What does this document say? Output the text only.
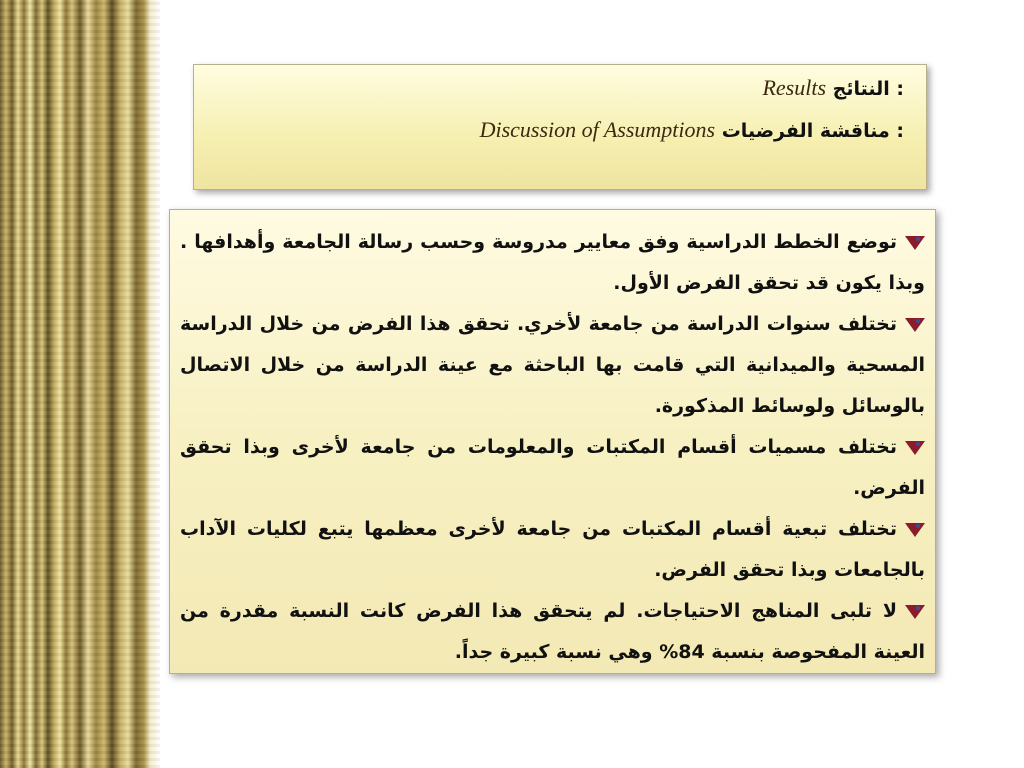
Results النتائج :
Discussion of Assumptions مناقشة الفرضيات :

توضع الخطط الدراسية وفق معايير مدروسة وحسب رسالة الجامعة وأهدافها . وبذا يكون قد تحقق الفرض الأول.

تختلف سنوات الدراسة من جامعة لأخري. تحقق هذا الفرض من خلال الدراسة المسحية والميدانية التي قامت بها الباحثة مع عينة الدراسة من خلال الاتصال بالوسائل ولوسائط المذكورة.

تختلف مسميات أقسام المكتبات والمعلومات من جامعة لأخرى وبذا تحقق الفرض.

تختلف تبعية أقسام المكتبات من جامعة لأخرى معظمها يتبع لكليات الآداب بالجامعات وبذا تحقق الفرض.

لا تلبى المناهج الاحتياجات. لم يتحقق هذا الفرض كانت النسبة مقدرة من العينة المفحوصة بنسبة 84% وهي نسبة كبيرة جداً.
